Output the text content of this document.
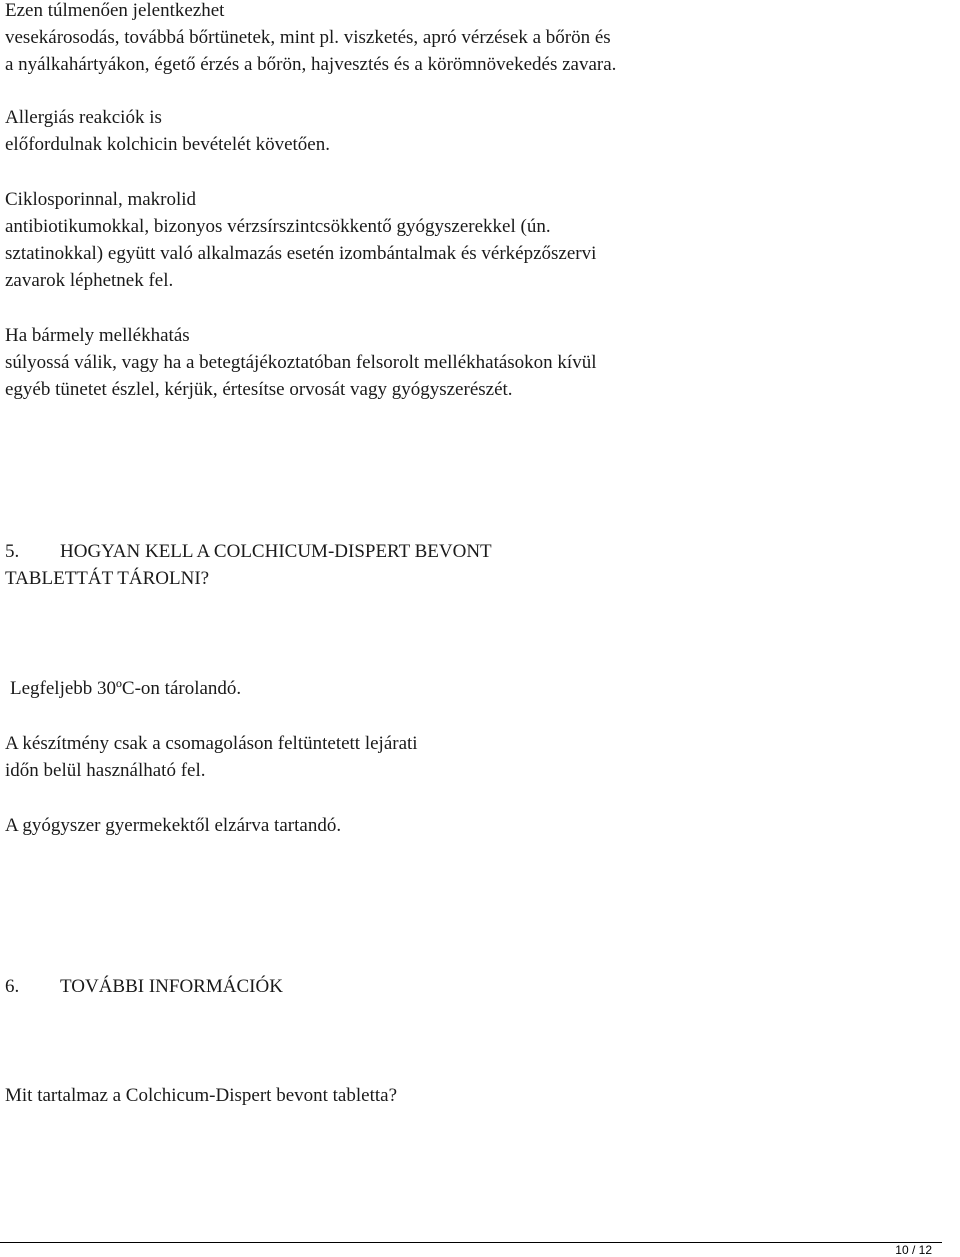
Ezen túlmenően jelentkezhet

vesekárosodás, továbbá bőrtünetek, mint pl. viszketés, apró vérzések a bőrön és

a nyálkahártyákon, égető érzés a bőrön, hajvesztés és a körömnövekedés zavara.

Allergiás reakciók is

előfordulnak kolchicin bevételét követően.

Ciklosporinnal, makrolid

antibiotikumokkal, bizonyos vérzsírszintcsökkentő gyógyszerekkel (ún.

sztatinokkal) együtt való alkalmazás esetén izombántalmak és vérképzőszervi

zavarok léphetnek fel.

Ha bármely mellékhatás

súlyossá válik, vagy ha a betegtájékoztatóban felsorolt mellékhatásokon kívül

egyéb tünetet észlel, kérjük, értesítse orvosát vagy gyógyszerészét.

5. HOGYAN KELL A COLCHICUM-DISPERT BEVONT

TABLETTÁT TÁROLNI?

Legfeljebb 30ºC-on tárolandó.

A készítmény csak a csomagoláson feltüntetett lejárati

időn belül használható fel.

A gyógyszer gyermekektől elzárva tartandó.

6. TOVÁBBI INFORMÁCIÓK

Mit tartalmaz a Colchicum-Dispert bevont tabletta?

10 / 12
